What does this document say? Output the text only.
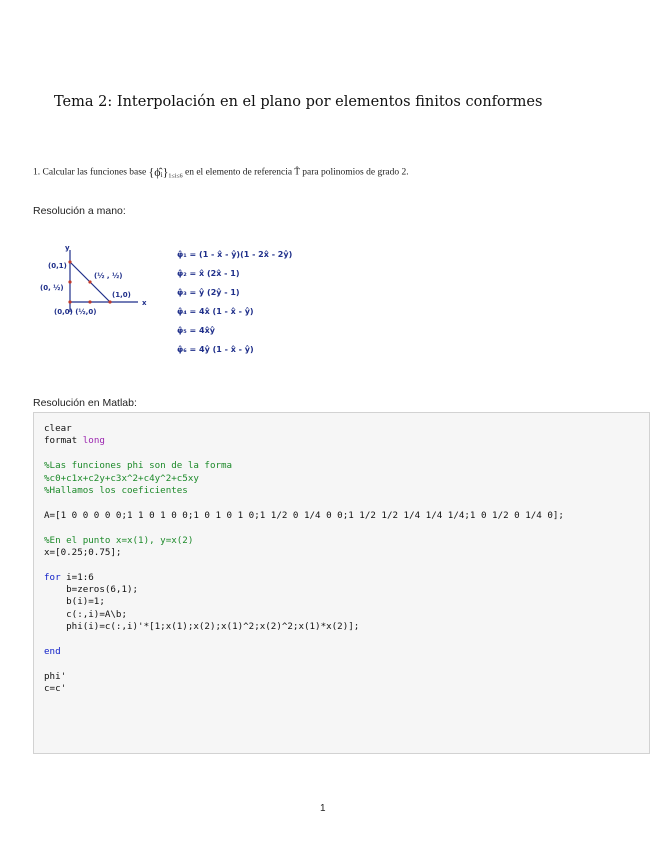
Tema 2: Interpolación en el plano por elementos finitos conformes
1. Calcular las funciones base $\{\phîᵢ\}_{1\le i\le 6}$ en el elemento de referencia T̂ para polinomios de grado 2.
Resolución a mano:
y
x
(0,1)
(0, ½)
(½ , ½)
(1,0)
(0,0) (½,0)
φ̂₁ = (1 - x̂ - ŷ)(1 - 2x̂ - 2ŷ)
φ̂₂ = x̂ (2x̂ - 1)
φ̂₃ = ŷ (2ŷ - 1)
φ̂₄ = 4x̂ (1 - x̂ - ŷ)
φ̂₅ = 4x̂ŷ
φ̂₆ = 4ŷ (1 - x̂ - ŷ)
Resolución en Matlab:
clear
format long
%Las funciones phi son de la forma
%c0+c1x+c2y+c3x^2+c4y^2+c5xy
%Hallamos los coeficientes
A=[1 0 0 0 0 0;1 1 0 1 0 0;1 0 1 0 1 0;1 1/2 0 1/4 0 0;1 1/2 1/2 1/4 1/4 1/4;1 0 1/2 0 1/4 0];
%En el punto x=x(1), y=x(2)
x=[0.25;0.75];
for i=1:6
b=zeros(6,1);
b(i)=1;
c(:,i)=A\b;
phi(i)=c(:,i)'*[1;x(1);x(2);x(1)^2;x(2)^2;x(1)*x(2)];
end
phi'
c=c'
1
